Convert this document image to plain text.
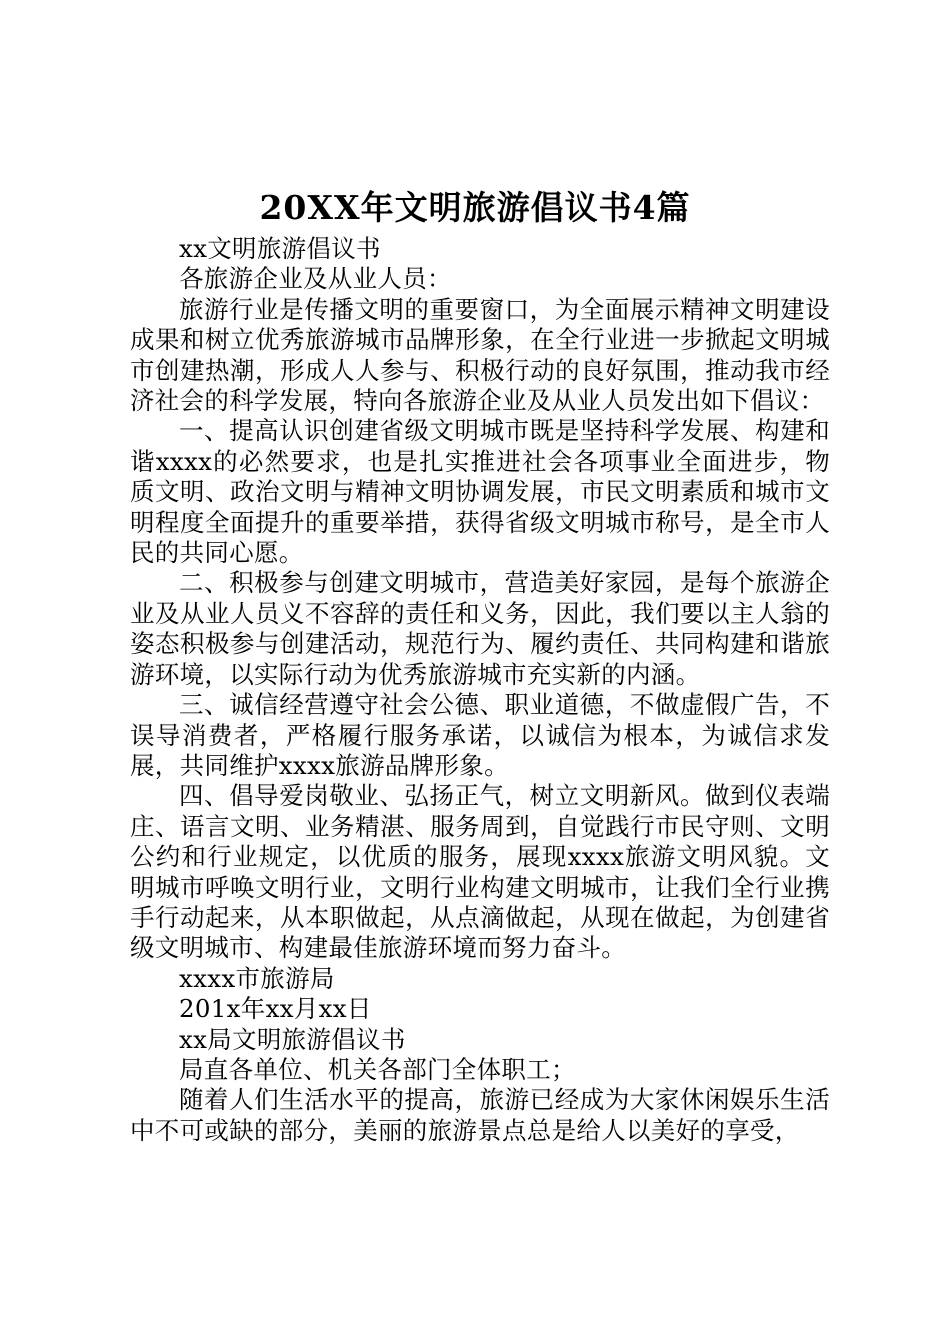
20XX年文明旅游倡议书4篇

xx文明旅游倡议书

各旅游企业及从业人员：

旅游行业是传播文明的重要窗口，为全面展示精神文明建设成果和树立优秀旅游城市品牌形象，在全行业进一步掀起文明城市创建热潮，形成人人参与、积极行动的良好氛围，推动我市经济社会的科学发展，特向各旅游企业及从业人员发出如下倡议：

一、提高认识创建省级文明城市既是坚持科学发展、构建和谐xxxx的必然要求，也是扎实推进社会各项事业全面进步，物质文明、政治文明与精神文明协调发展，市民文明素质和城市文明程度全面提升的重要举措，获得省级文明城市称号，是全市人民的共同心愿。

二、积极参与创建文明城市，营造美好家园，是每个旅游企业及从业人员义不容辞的责任和义务，因此，我们要以主人翁的姿态积极参与创建活动，规范行为、履约责任、共同构建和谐旅游环境，以实际行动为优秀旅游城市充实新的内涵。

三、诚信经营遵守社会公德、职业道德，不做虚假广告，不误导消费者，严格履行服务承诺，以诚信为根本，为诚信求发展，共同维护xxxx旅游品牌形象。

四、倡导爱岗敬业、弘扬正气，树立文明新风。做到仪表端庄、语言文明、业务精湛、服务周到，自觉践行市民守则、文明公约和行业规定，以优质的服务，展现xxxx旅游文明风貌。文明城市呼唤文明行业，文明行业构建文明城市，让我们全行业携手行动起来，从本职做起，从点滴做起，从现在做起，为创建省级文明城市、构建最佳旅游环境而努力奋斗。

xxxx市旅游局

201x年xx月xx日

xx局文明旅游倡议书

局直各单位、机关各部门全体职工；

随着人们生活水平的提高，旅游已经成为大家休闲娱乐生活中不可或缺的部分，美丽的旅游景点总是给人以美好的享受，
